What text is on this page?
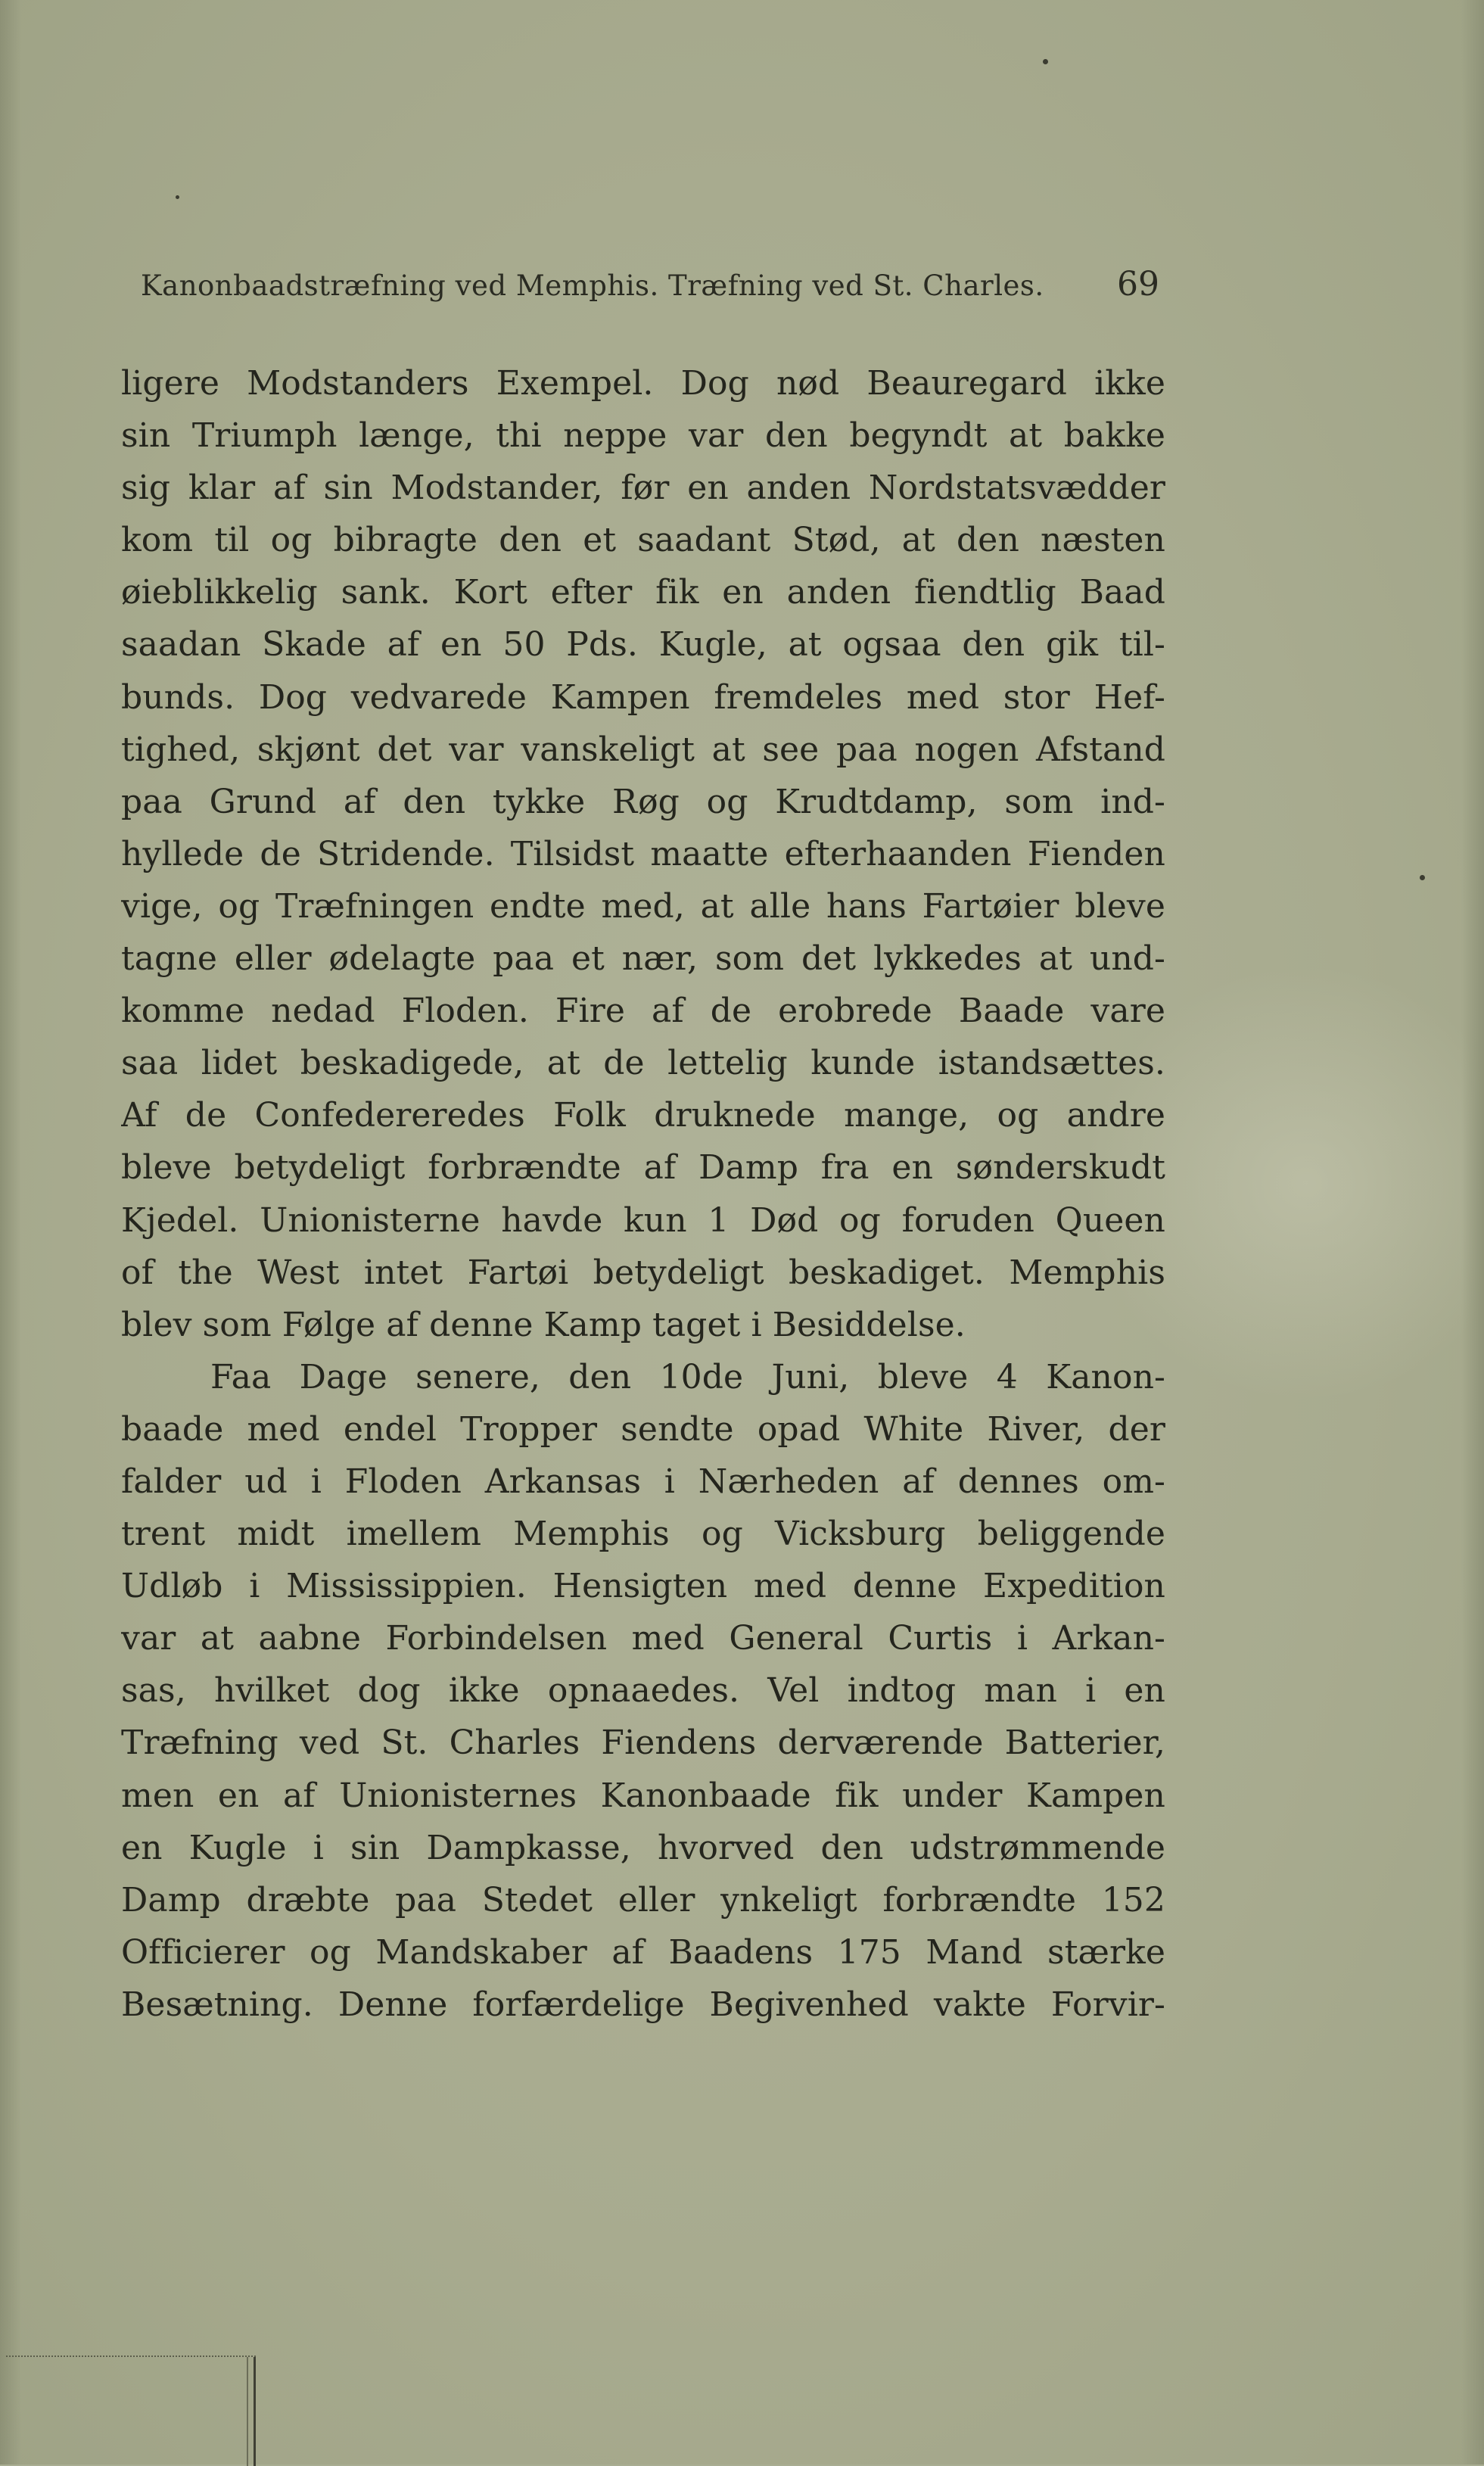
Kanonbaadstræfning ved Memphis. Træfning ved St. Charles. 69
ligere Modstanders Exempel. Dog nød Beauregard ikke
sin Triumph længe, thi neppe var den begyndt at bakke
sig klar af sin Modstander, før en anden Nordstatsvædder
kom til og bibragte den et saadant Stød, at den næsten
øieblikkelig sank. Kort efter fik en anden fiendtlig Baad
saadan Skade af en 50 Pds. Kugle, at ogsaa den gik til-
bunds. Dog vedvarede Kampen fremdeles med stor Hef-
tighed, skjønt det var vanskeligt at see paa nogen Afstand
paa Grund af den tykke Røg og Krudtdamp, som ind-
hyllede de Stridende. Tilsidst maatte efterhaanden Fienden
vige, og Træfningen endte med, at alle hans Fartøier bleve
tagne eller ødelagte paa et nær, som det lykkedes at und-
komme nedad Floden. Fire af de erobrede Baade vare
saa lidet beskadigede, at de lettelig kunde istandsættes.
Af de Confedereredes Folk druknede mange, og andre
bleve betydeligt forbrændte af Damp fra en sønderskudt
Kjedel. Unionisterne havde kun 1 Død og foruden Queen
of the West intet Fartøi betydeligt beskadiget. Memphis
blev som Følge af denne Kamp taget i Besiddelse.
Faa Dage senere, den 10de Juni, bleve 4 Kanon-
baade med endel Tropper sendte opad White River, der
falder ud i Floden Arkansas i Nærheden af dennes om-
trent midt imellem Memphis og Vicksburg beliggende
Udløb i Mississippien. Hensigten med denne Expedition
var at aabne Forbindelsen med General Curtis i Arkan-
sas, hvilket dog ikke opnaaedes. Vel indtog man i en
Træfning ved St. Charles Fiendens derværende Batterier,
men en af Unionisternes Kanonbaade fik under Kampen
en Kugle i sin Dampkasse, hvorved den udstrømmende
Damp dræbte paa Stedet eller ynkeligt forbrændte 152
Officierer og Mandskaber af Baadens 175 Mand stærke
Besætning. Denne forfærdelige Begivenhed vakte Forvir-
